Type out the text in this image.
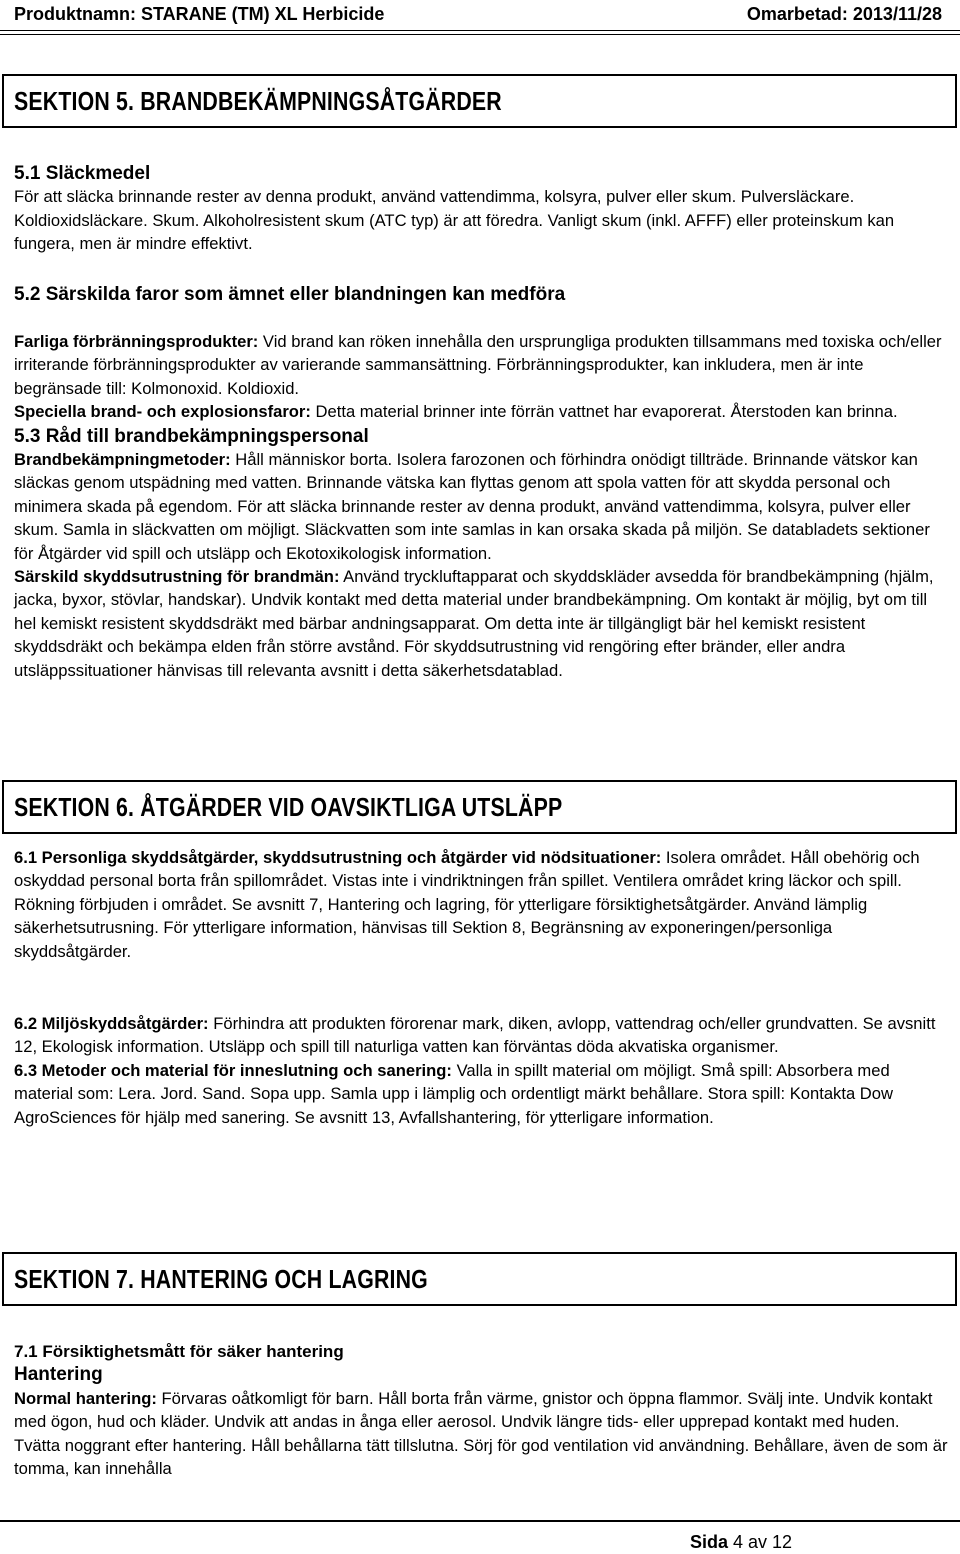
Produktnamn: STARANE (TM) XL Herbicide	Omarbetad: 2013/11/28
SEKTION 5. BRANDBEKÄMPNINGSÅTGÄRDER

5.1 Släckmedel

För att släcka brinnande rester av denna produkt, använd vattendimma, kolsyra, pulver eller skum. Pulversläckare. Koldioxidsläckare. Skum. Alkoholresistent skum (ATC typ) är att föredra. Vanligt skum (inkl. AFFF) eller proteinskum kan fungera, men är mindre effektivt.

5.2 Särskilda faror som ämnet eller blandningen kan medföra

Farliga förbränningsprodukter: Vid brand kan röken innehålla den ursprungliga produkten tillsammans med toxiska och/eller irriterande förbränningsprodukter av varierande sammansättning. Förbränningsprodukter, kan inkludera, men är inte begränsade till: Kolmonoxid. Koldioxid.

Speciella brand- och explosionsfaror: Detta material brinner inte förrän vattnet har evaporerat. Återstoden kan brinna.

5.3 Råd till brandbekämpningspersonal

Brandbekämpningmetoder: Håll människor borta. Isolera farozonen och förhindra onödigt tillträde. Brinnande vätskor kan släckas genom utspädning med vatten. Brinnande vätska kan flyttas genom att spola vatten för att skydda personal och minimera skada på egendom. För att släcka brinnande rester av denna produkt, använd vattendimma, kolsyra, pulver eller skum. Samla in släckvatten om möjligt. Släckvatten som inte samlas in kan orsaka skada på miljön. Se databladets sektioner för Åtgärder vid spill och utsläpp och Ekotoxikologisk information.

Särskild skyddsutrustning för brandmän: Använd tryckluftapparat och skyddskläder avsedda för brandbekämpning (hjälm, jacka, byxor, stövlar, handskar). Undvik kontakt med detta material under brandbekämpning. Om kontakt är möjlig, byt om till hel kemiskt resistent skyddsdräkt med bärbar andningsapparat. Om detta inte är tillgängligt bär hel kemiskt resistent skyddsdräkt och bekämpa elden från större avstånd. För skyddsutrustning vid rengöring efter bränder, eller andra utsläppssituationer hänvisas till relevanta avsnitt i detta säkerhetsdatablad.

SEKTION 6. ÅTGÄRDER VID OAVSIKTLIGA UTSLÄPP

6.1 Personliga skyddsåtgärder, skyddsutrustning och åtgärder vid nödsituationer: Isolera området. Håll obehörig och oskyddad personal borta från spillområdet. Vistas inte i vindriktningen från spillet. Ventilera området kring läckor och spill. Rökning förbjuden i området. Se avsnitt 7, Hantering och lagring, för ytterligare försiktighetsåtgärder. Använd lämplig säkerhetsutrusning. För ytterligare information, hänvisas till Sektion 8, Begränsning av exponeringen/personliga skyddsåtgärder.

6.2 Miljöskyddsåtgärder: Förhindra att produkten förorenar mark, diken, avlopp, vattendrag och/eller grundvatten. Se avsnitt 12, Ekologisk information. Utsläpp och spill till naturliga vatten kan förväntas döda akvatiska organismer.

6.3 Metoder och material för inneslutning och sanering: Valla in spillt material om möjligt. Små spill: Absorbera med material som: Lera. Jord. Sand. Sopa upp. Samla upp i lämplig och ordentligt märkt behållare. Stora spill: Kontakta Dow AgroSciences för hjälp med sanering. Se avsnitt 13, Avfallshantering, för ytterligare information.

SEKTION 7. HANTERING OCH LAGRING

7.1 Försiktighetsmått för säker hantering

Hantering

Normal hantering: Förvaras oåtkomligt för barn. Håll borta från värme, gnistor och öppna flammor. Svälj inte. Undvik kontakt med ögon, hud och kläder. Undvik att andas in ånga eller aerosol. Undvik längre tids- eller upprepad kontakt med huden. Tvätta noggrant efter hantering. Håll behållarna tätt tillslutna. Sörj för god ventilation vid användning. Behållare, även de som är tomma, kan innehålla

Sida 4 av 12
